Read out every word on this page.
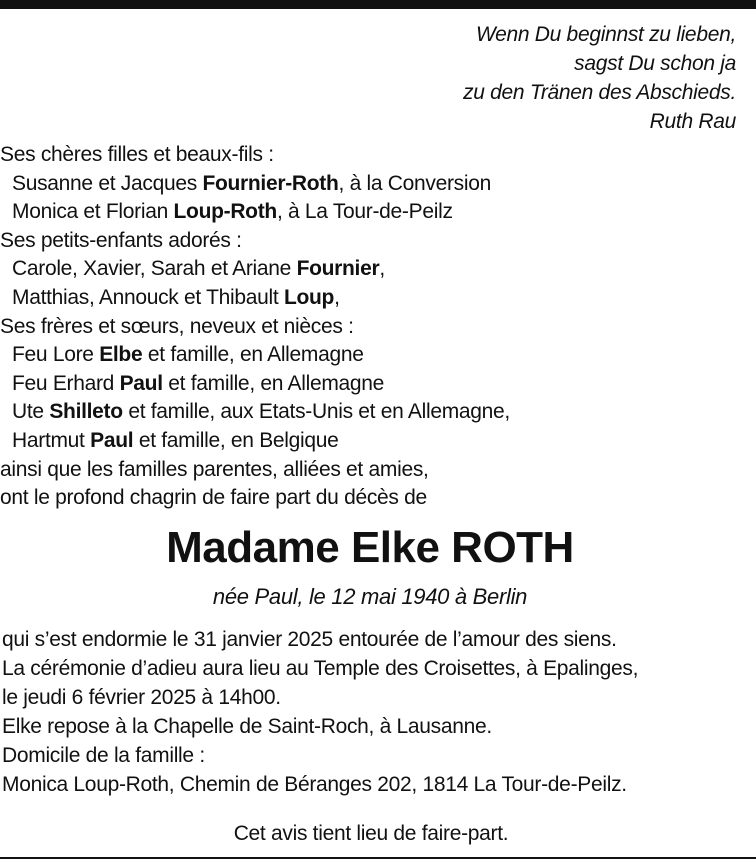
Wenn Du beginnst zu lieben,
sagst Du schon ja
zu den Tränen des Abschieds.
Ruth Rau
Ses chères filles et beaux-fils :
Susanne et Jacques Fournier-Roth, à la Conversion
Monica et Florian Loup-Roth, à La Tour-de-Peilz
Ses petits-enfants adorés :
Carole, Xavier, Sarah et Ariane Fournier,
Matthias, Annouck et Thibault Loup,
Ses frères et sœurs, neveux et nièces :
Feu Lore Elbe et famille, en Allemagne
Feu Erhard Paul et famille, en Allemagne
Ute Shilleto et famille, aux Etats-Unis et en Allemagne,
Hartmut Paul et famille, en Belgique
ainsi que les familles parentes, alliées et amies,
ont le profond chagrin de faire part du décès de
Madame Elke ROTH
née Paul, le 12 mai 1940 à Berlin
qui s’est endormie le 31 janvier 2025 entourée de l’amour des siens.
La cérémonie d’adieu aura lieu au Temple des Croisettes, à Epalinges,
le jeudi 6 février 2025 à 14h00.
Elke repose à la Chapelle de Saint-Roch, à Lausanne.
Domicile de la famille :
Monica Loup-Roth, Chemin de Béranges 202, 1814 La Tour-de-Peilz.
Cet avis tient lieu de faire-part.
